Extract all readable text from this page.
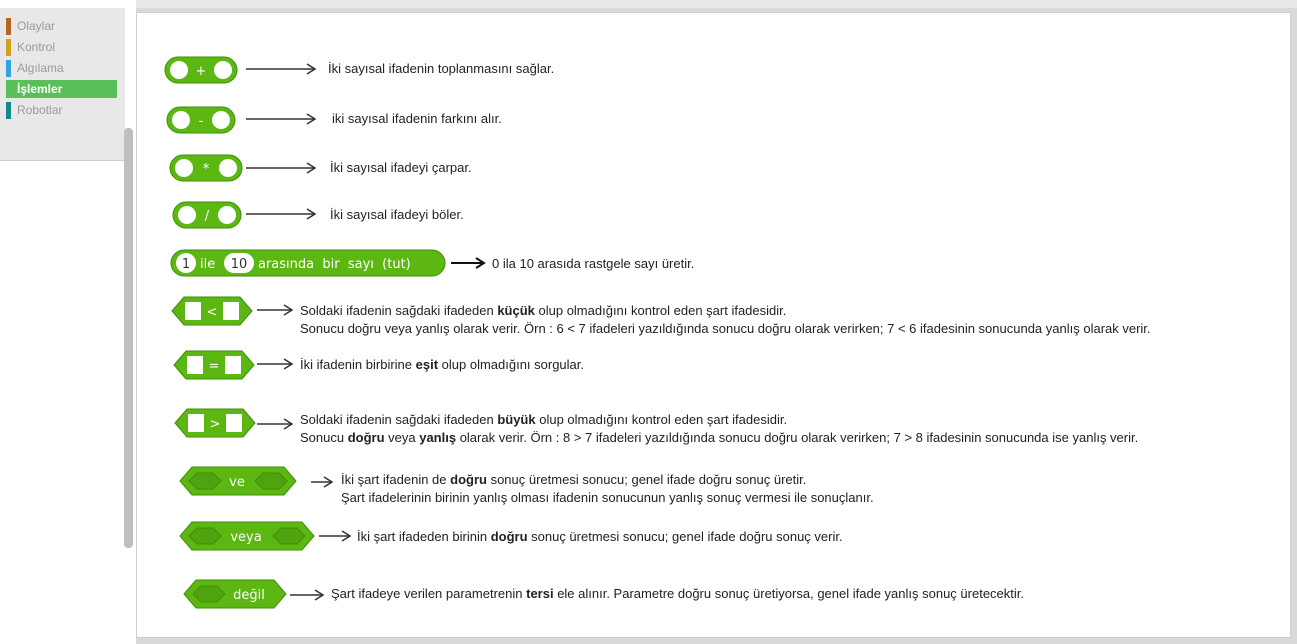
Olaylar
Kontrol
Algılama
İşlemler
Robotlar
+	İki sayısal ifadenin toplanmasını sağlar.
-	iki sayısal ifadenin farkını alır.
*	İki sayısal ifadeyi çarpar.
/	İki sayısal ifadeyi böler.
1 ile 10 arasında  bir  sayı  (tut)	0 ila 10 arasıda rastgele sayı üretir.
<	Soldaki ifadenin sağdaki ifadeden küçük olup olmadığını kontrol eden şart ifadesidir.
Sonucu doğru veya yanlış olarak verir. Örn : 6 < 7 ifadeleri yazıldığında sonucu doğru olarak verirken; 7 < 6 ifadesinin sonucunda yanlış olarak verir.
=	İki ifadenin birbirine eşit olup olmadığını sorgular.
>	Soldaki ifadenin sağdaki ifadeden büyük olup olmadığını kontrol eden şart ifadesidir.
Sonucu doğru veya yanlış olarak verir. Örn : 8 > 7 ifadeleri yazıldığında sonucu doğru olarak verirken; 7 > 8 ifadesinin sonucunda ise yanlış verir.
ve	İki şart ifadenin de doğru sonuç üretmesi sonucu; genel ifade doğru sonuç üretir.
Şart ifadelerinin birinin yanlış olması ifadenin sonucunun yanlış sonuç vermesi ile sonuçlanır.
veya	İki şart ifadeden birinin doğru sonuç üretmesi sonucu; genel ifade doğru sonuç verir.
değil	Şart ifadeye verilen parametrenin tersi ele alınır. Parametre doğru sonuç üretiyorsa, genel ifade yanlış sonuç üretecektir.
